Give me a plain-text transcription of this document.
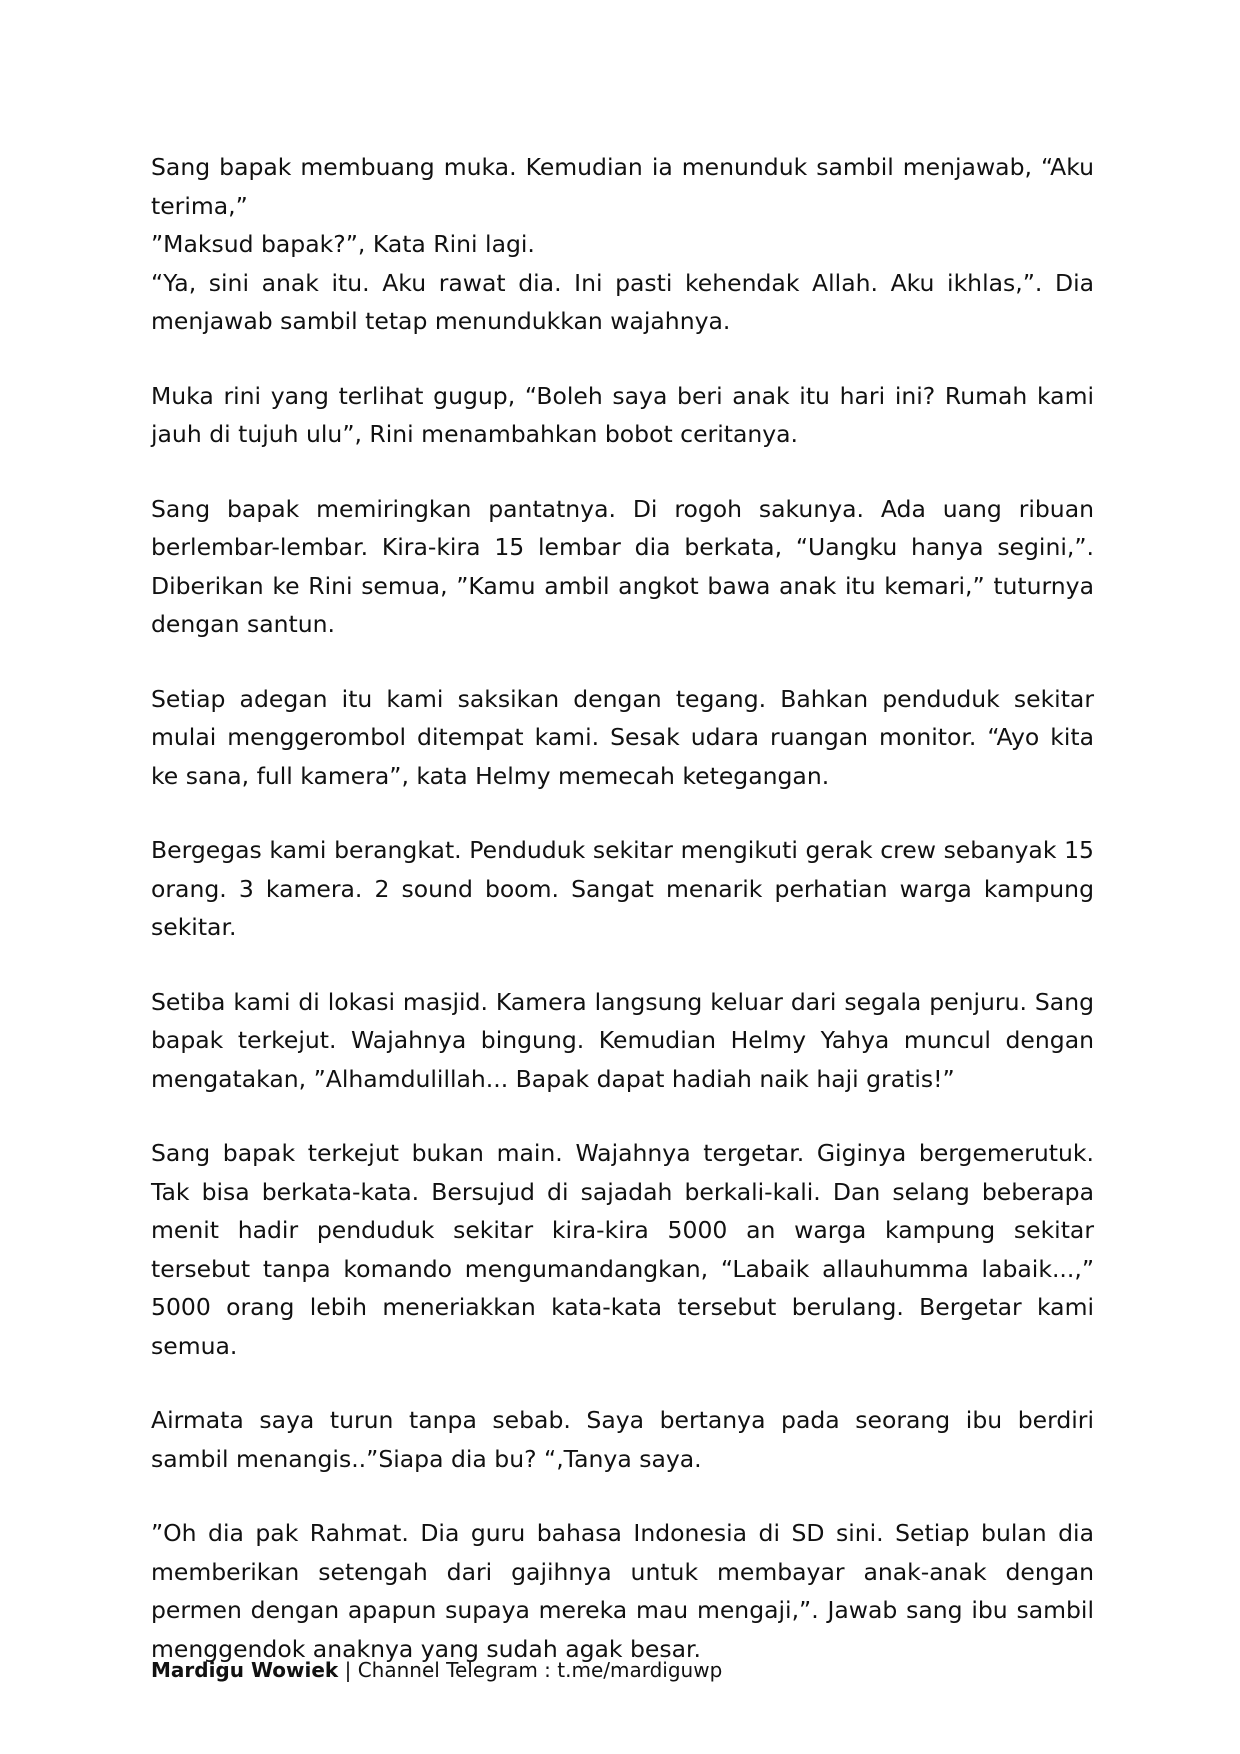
Sang bapak membuang muka. Kemudian ia menunduk sambil menjawab, “Aku terima,”
”Maksud bapak?”, Kata Rini lagi.
“Ya, sini anak itu. Aku rawat dia. Ini pasti kehendak Allah. Aku ikhlas,”. Dia menjawab sambil tetap menundukkan wajahnya.

Muka rini yang terlihat gugup, “Boleh saya beri anak itu hari ini? Rumah kami jauh di tujuh ulu”, Rini menambahkan bobot ceritanya.

Sang bapak memiringkan pantatnya. Di rogoh sakunya. Ada uang ribuan berlembar-lembar. Kira-kira 15 lembar dia berkata, “Uangku hanya segini,”. Diberikan ke Rini semua, ”Kamu ambil angkot bawa anak itu kemari,” tuturnya dengan santun.

Setiap adegan itu kami saksikan dengan tegang. Bahkan penduduk sekitar mulai menggerombol ditempat kami. Sesak udara ruangan monitor. “Ayo kita ke sana, full kamera”, kata Helmy memecah ketegangan.

Bergegas kami berangkat. Penduduk sekitar mengikuti gerak crew sebanyak 15 orang. 3 kamera. 2 sound boom. Sangat menarik perhatian warga kampung sekitar.

Setiba kami di lokasi masjid. Kamera langsung keluar dari segala penjuru. Sang bapak terkejut. Wajahnya bingung. Kemudian Helmy Yahya muncul dengan mengatakan, ”Alhamdulillah... Bapak dapat hadiah naik haji gratis!”

Sang bapak terkejut bukan main. Wajahnya tergetar. Giginya bergemerutuk. Tak bisa berkata-kata. Bersujud di sajadah berkali-kali. Dan selang beberapa menit hadir penduduk sekitar kira-kira 5000 an warga kampung sekitar tersebut tanpa komando mengumandangkan, “Labaik allauhumma labaik...,” 5000 orang lebih meneriakkan kata-kata tersebut berulang. Bergetar kami semua.

Airmata saya turun tanpa sebab. Saya bertanya pada seorang ibu berdiri sambil menangis..”Siapa dia bu? “,Tanya saya.

”Oh dia pak Rahmat. Dia guru bahasa Indonesia di SD sini. Setiap bulan dia memberikan setengah dari gajihnya untuk membayar anak-anak dengan permen dengan apapun supaya mereka mau mengaji,”. Jawab sang ibu sambil menggendok anaknya yang sudah agak besar.

Mardigu Wowiek | Channel Telegram : t.me/mardiguwp
